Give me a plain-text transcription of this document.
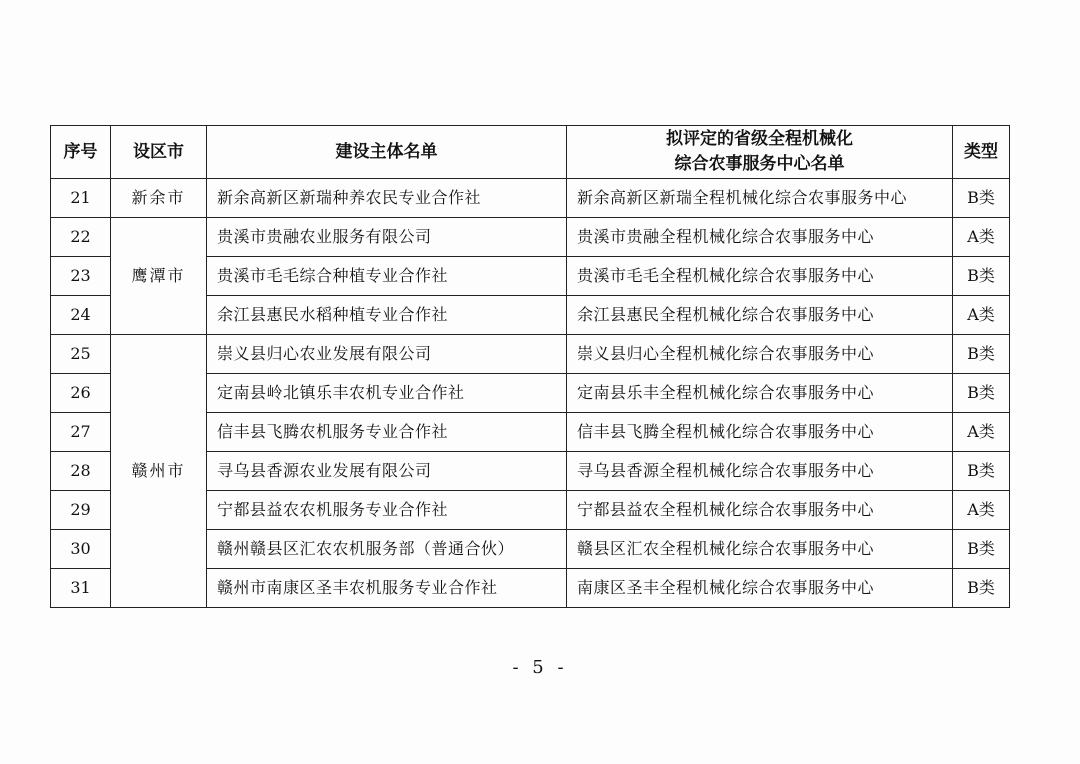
序号	设区市	建设主体名单	拟评定的省级全程机械化
综合农事服务中心名单	类型
21	新余市	新余高新区新瑞种养农民专业合作社	新余高新区新瑞全程机械化综合农事服务中心	B类
22	鹰潭市	贵溪市贵融农业服务有限公司	贵溪市贵融全程机械化综合农事服务中心	A类
23		贵溪市毛毛综合种植专业合作社	贵溪市毛毛全程机械化综合农事服务中心	B类
24		余江县惠民水稻种植专业合作社	余江县惠民全程机械化综合农事服务中心	A类
25	赣州市	崇义县归心农业发展有限公司	崇义县归心全程机械化综合农事服务中心	B类
26		定南县岭北镇乐丰农机专业合作社	定南县乐丰全程机械化综合农事服务中心	B类
27		信丰县飞腾农机服务专业合作社	信丰县飞腾全程机械化综合农事服务中心	A类
28		寻乌县香源农业发展有限公司	寻乌县香源全程机械化综合农事服务中心	B类
29		宁都县益农农机服务专业合作社	宁都县益农全程机械化综合农事服务中心	A类
30		赣州赣县区汇农农机服务部（普通合伙）	赣县区汇农全程机械化综合农事服务中心	B类
31		赣州市南康区圣丰农机服务专业合作社	南康区圣丰全程机械化综合农事服务中心	B类
- 5 -
